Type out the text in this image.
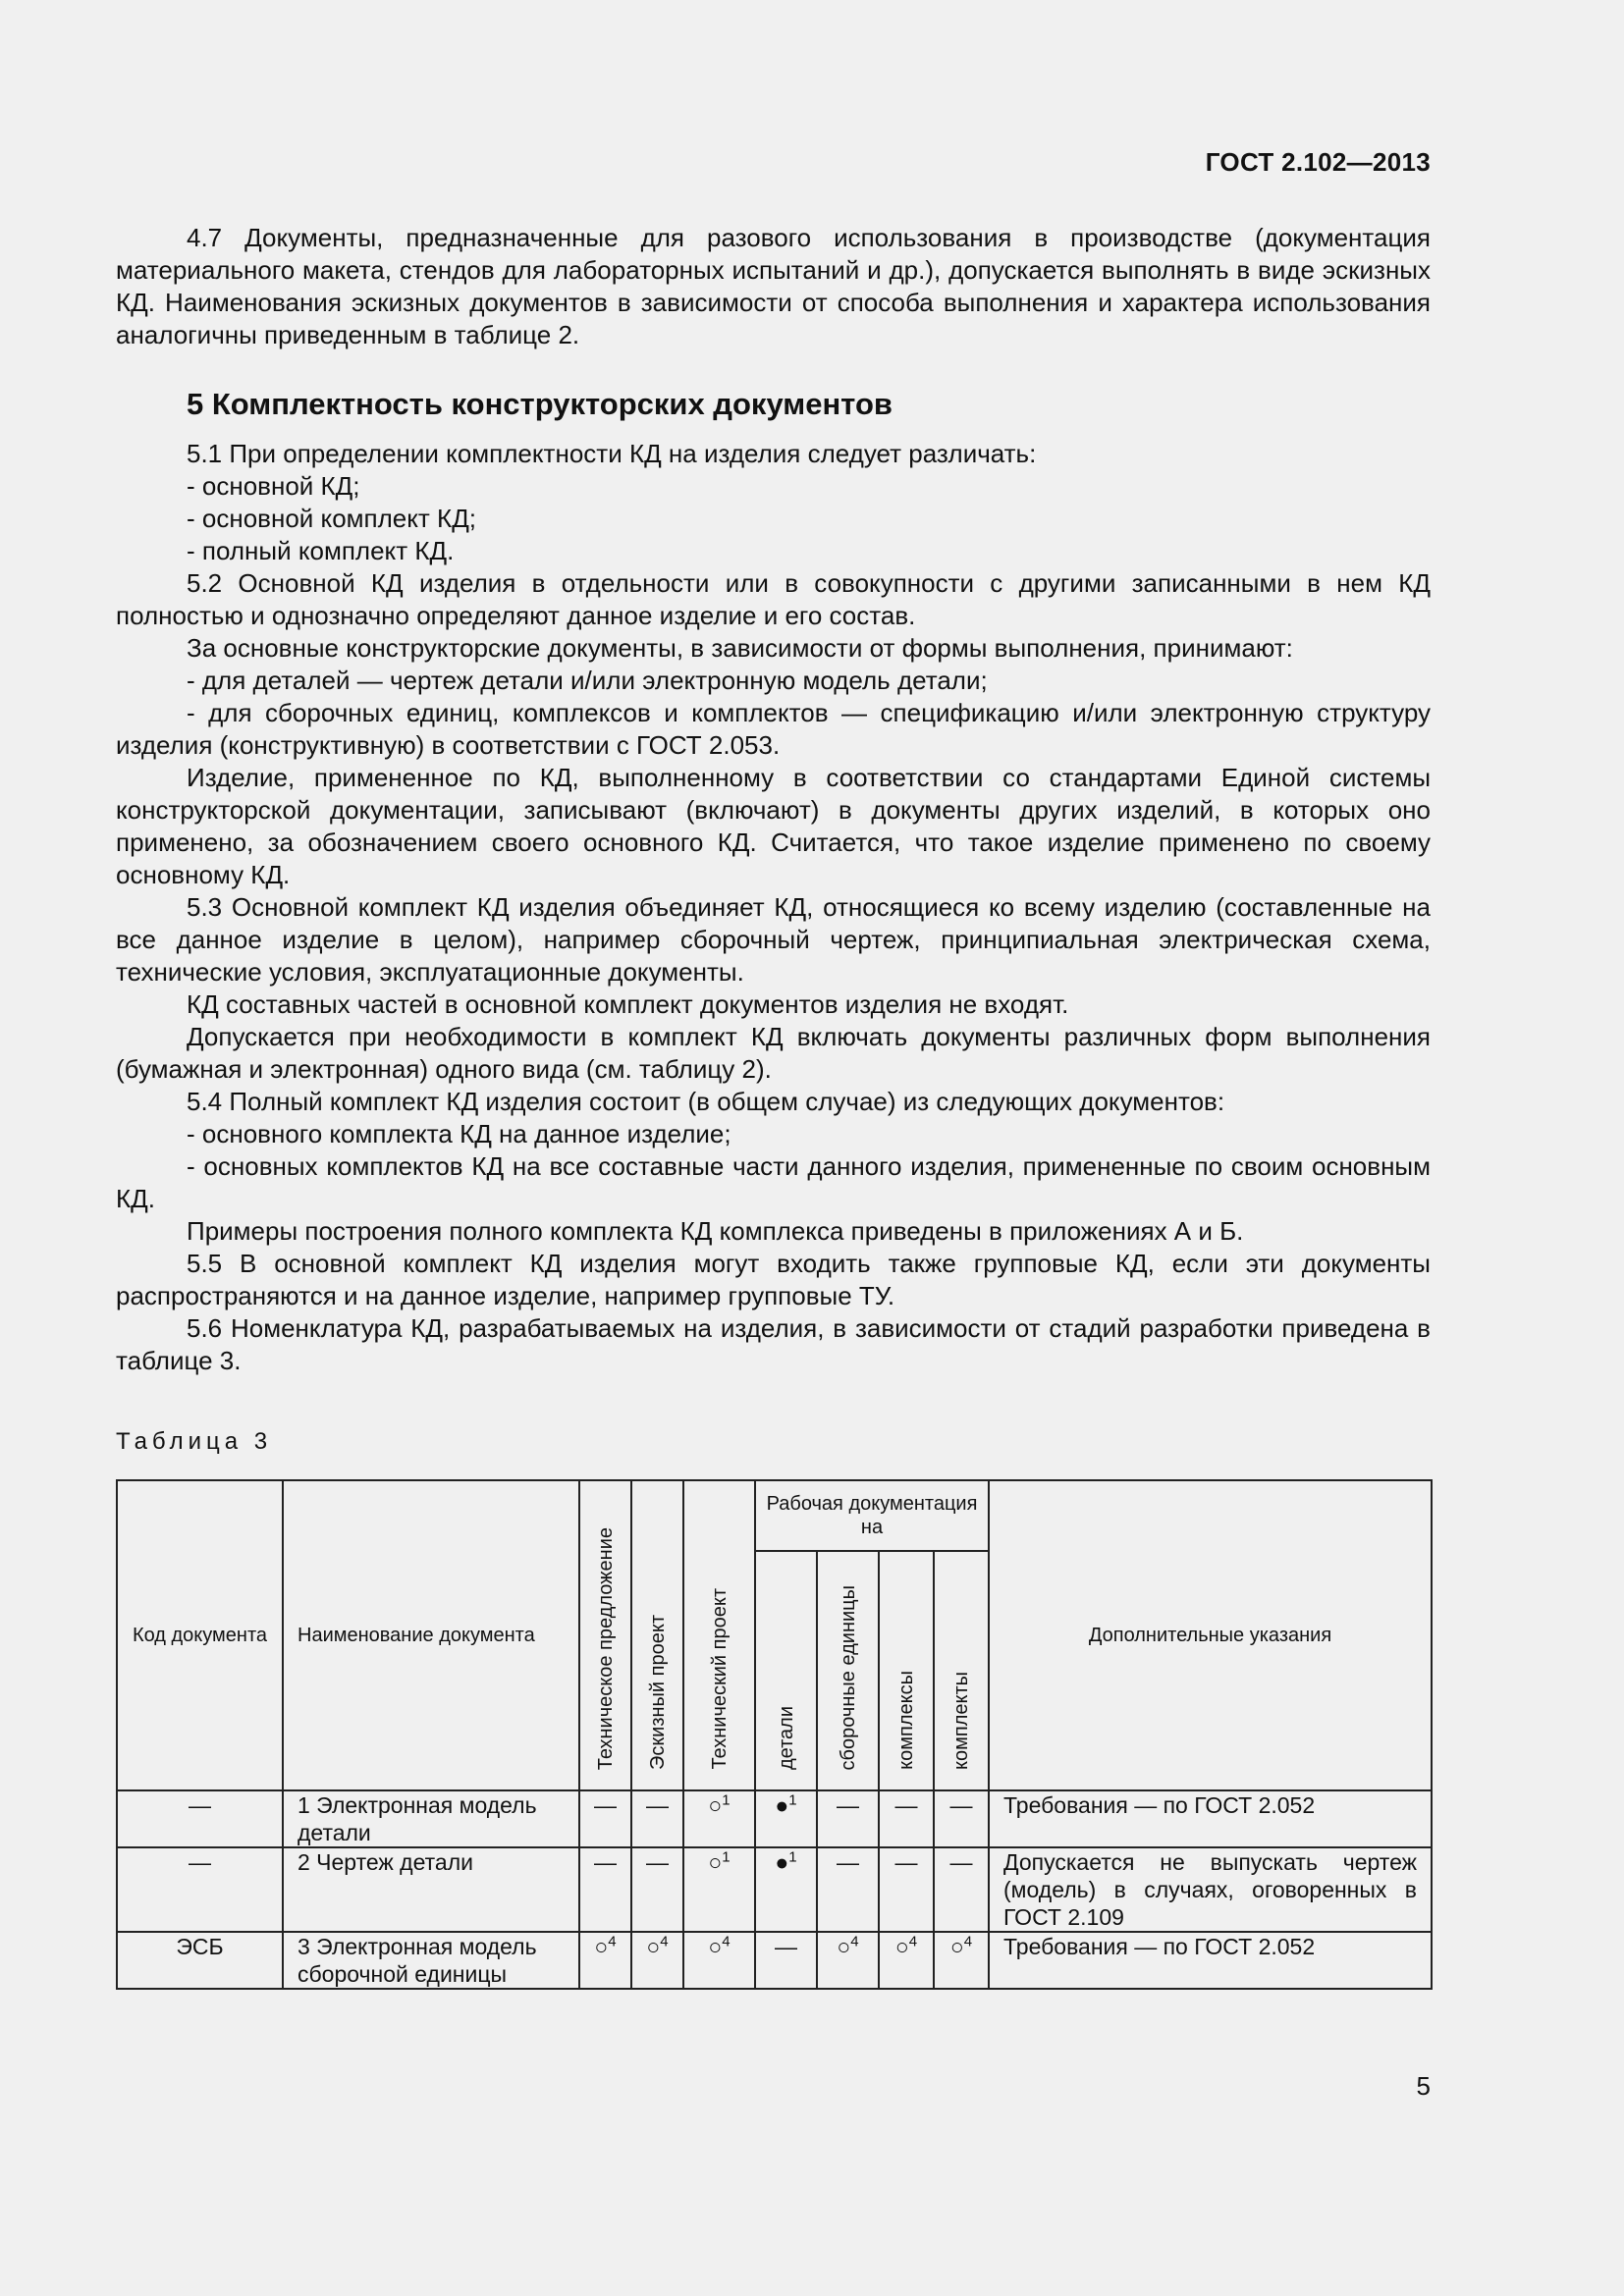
ГОСТ 2.102—2013

4.7 Документы, предназначенные для разового использования в производстве (документация материального макета, стендов для лабораторных испытаний и др.), допускается выполнять в виде эскизных КД. Наименования эскизных документов в зависимости от способа выполнения и характера использования аналогичны приведенным в таблице 2.

5 Комплектность конструкторских документов

5.1 При определении комплектности КД на изделия следует различать:

- основной КД;

- основной комплект КД;

- полный комплект КД.

5.2 Основной КД изделия в отдельности или в совокупности с другими записанными в нем КД полностью и однозначно определяют данное изделие и его состав.

За основные конструкторские документы, в зависимости от формы выполнения, принимают:

- для деталей — чертеж детали и/или электронную модель детали;

- для сборочных единиц, комплексов и комплектов — спецификацию и/или электронную структуру изделия (конструктивную) в соответствии с ГОСТ 2.053.

Изделие, примененное по КД, выполненному в соответствии со стандартами Единой системы конструкторской документации, записывают (включают) в документы других изделий, в которых оно применено, за обозначением своего основного КД. Считается, что такое изделие применено по своему основному КД.

5.3 Основной комплект КД изделия объединяет КД, относящиеся ко всему изделию (составленные на все данное изделие в целом), например сборочный чертеж, принципиальная электрическая схема, технические условия, эксплуатационные документы.

КД составных частей в основной комплект документов изделия не входят.

Допускается при необходимости в комплект КД включать документы различных форм выполнения (бумажная и электронная) одного вида (см. таблицу 2).

5.4 Полный комплект КД изделия состоит (в общем случае) из следующих документов:

- основного комплекта КД на данное изделие;

- основных комплектов КД на все составные части данного изделия, примененные по своим основным КД.

Примеры построения полного комплекта КД комплекса приведены в приложениях А и Б.

5.5 В основной комплект КД изделия могут входить также групповые КД, если эти документы распространяются и на данное изделие, например групповые ТУ.

5.6 Номенклатура КД, разрабатываемых на изделия, в зависимости от стадий разработки приведена в таблице 3.

Таблица 3
Код документа	Наименование документа	Техническое предложение	Эскизный проект	Технический проект	Рабочая документация на				Дополнительные указания
					детали	сборочные единицы	комплексы	комплекты	
—	1 Электронная модель детали	—	—	○$^1$	●$^1$	—	—	—	Требования — по ГОСТ 2.052
—	2 Чертеж детали	—	—	○$^1$	●$^1$	—	—	—	Допускается не выпускать чертеж (модель) в случаях, оговоренных в ГОСТ 2.109
ЭСБ	3 Электронная модель сборочной единицы	○$^4$	○$^4$	○$^4$	—	○$^4$	○$^4$	○$^4$	Требования — по ГОСТ 2.052
5
